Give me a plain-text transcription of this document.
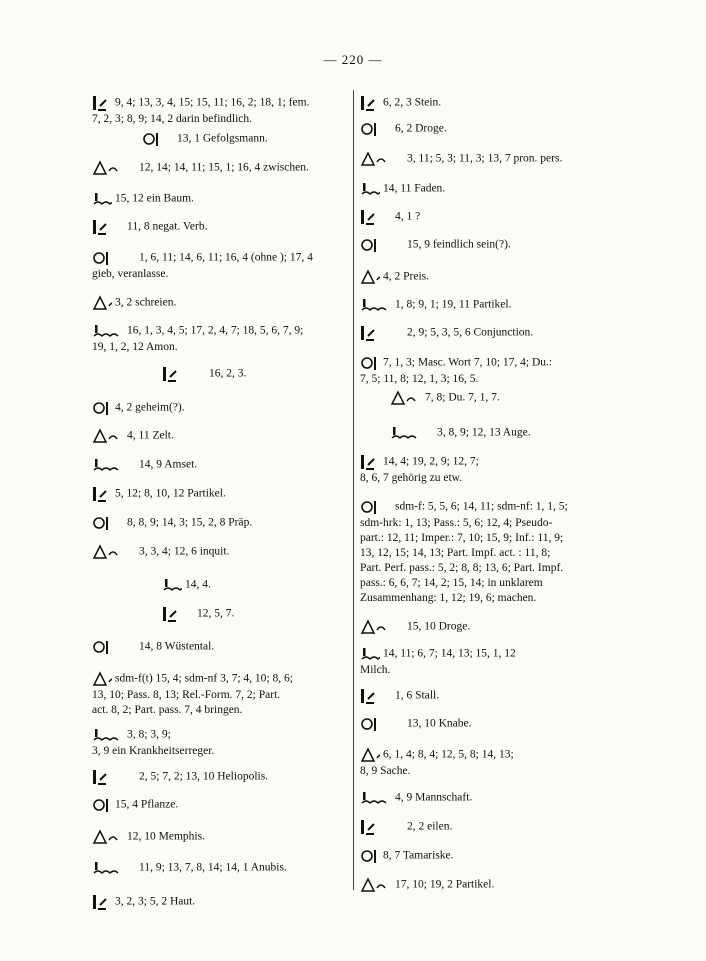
— 220 —
9, 4; 13, 3, 4, 15; 15, 11; 16, 2; 18, 1; fem.
7, 2, 3; 8, 9; 14, 2 darin befindlich.
13, 1 Gefolgsmann.
12, 14; 14, 11; 15, 1; 16, 4 zwischen.
15, 12 ein Baum.
11, 8 negat. Verb.
1, 6, 11; 14, 6, 11; 16, 4 (ohne ); 17, 4
gieb, veranlasse.
3, 2 schreien.
16, 1, 3, 4, 5; 17, 2, 4, 7; 18, 5, 6, 7, 9;
19, 1, 2, 12 Amon.
16, 2, 3.
4, 2 geheim(?).
4, 11 Zelt.
14, 9 Amset.
5, 12; 8, 10, 12 Partikel.
8, 8, 9; 14, 3; 15, 2, 8 Präp.
3, 3, 4; 12, 6 inquit.
14, 4.
12, 5, 7.
14, 8 Wüstental.
sdm-f(t) 15, 4; sdm-nf 3, 7; 4, 10; 8, 6;
13, 10; Pass. 8, 13; Rel.-Form. 7, 2; Part.
act. 8, 2; Part. pass. 7, 4 bringen.
3, 8; 3, 9;
3, 9 ein Krankheitserreger.
2, 5; 7, 2; 13, 10 Heliopolis.
15, 4 Pflanze.
12, 10 Memphis.
11, 9; 13, 7, 8, 14; 14, 1 Anubis.
3, 2, 3; 5, 2 Haut.
6, 2, 3 Stein.
6, 2 Droge.
3, 11; 5, 3; 11, 3; 13, 7 pron. pers.
14, 11 Faden.
4, 1 ?
15, 9 feindlich sein(?).
4, 2 Preis.
1, 8; 9, 1; 19, 11 Partikel.
2, 9; 5, 3, 5, 6 Conjunction.
7, 1, 3; Masc. Wort 7, 10; 17, 4; Du.:
7, 5; 11, 8; 12, 1, 3; 16, 5.
7, 8; Du. 7, 1, 7.
3, 8, 9; 12, 13 Auge.
14, 4; 19, 2, 9; 12, 7;
8, 6, 7 gehörig zu etw.
sdm-f: 5, 5, 6; 14, 11; sdm-nf: 1, 1, 5;
sdm-hrk: 1, 13; Pass.: 5, 6; 12, 4; Pseudo-
part.: 12, 11; Imper.: 7, 10; 15, 9; Inf.: 11, 9;
13, 12, 15; 14, 13; Part. Impf. act. : 11, 8;
Part. Perf. pass.: 5, 2; 8, 8; 13, 6; Part. Impf.
pass.: 6, 6, 7; 14, 2; 15, 14; in unklarem
Zusammenhang: 1, 12; 19, 6; machen.
15, 10 Droge.
14, 11; 6, 7; 14, 13; 15, 1, 12
Milch.
1, 6 Stall.
13, 10 Knabe.
6, 1, 4; 8, 4; 12, 5, 8; 14, 13;
8, 9 Sache.
4, 9 Mannschaft.
2, 2 eilen.
8, 7 Tamariske.
17, 10; 19, 2 Partikel.
